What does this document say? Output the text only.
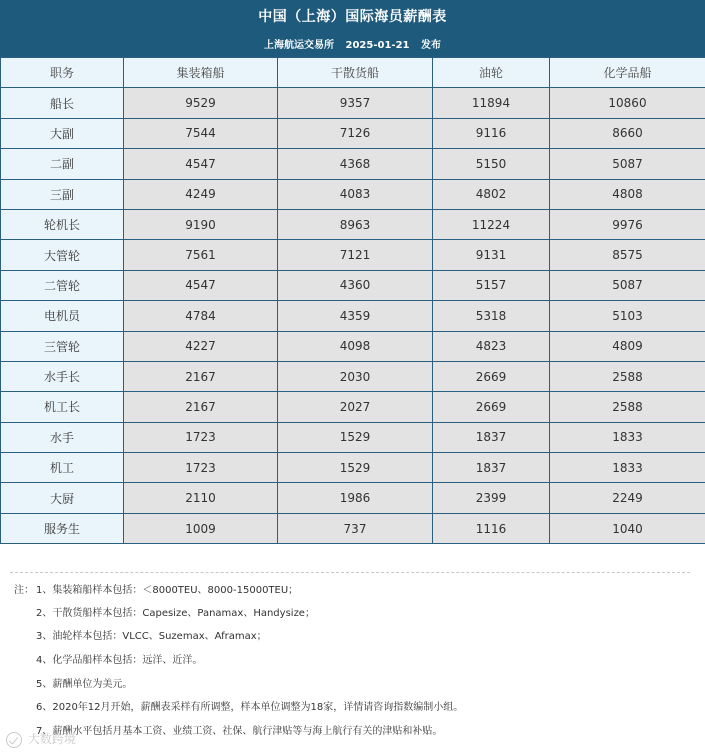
中国（上海）国际海员薪酬表
上海航运交易所 2025-01-21 发布
职务	集装箱船	干散货船	油轮	化学品船
船长	9529	9357	11894	10860
大副	7544	7126	9116	8660
二副	4547	4368	5150	5087
三副	4249	4083	4802	4808
轮机长	9190	8963	11224	9976
大管轮	7561	7121	9131	8575
二管轮	4547	4360	5157	5087
电机员	4784	4359	5318	5103
三管轮	4227	4098	4823	4809
水手长	2167	2030	2669	2588
机工长	2167	2027	2669	2588
水手	1723	1529	1837	1833
机工	1723	1529	1837	1833
大厨	2110	1986	2399	2249
服务生	1009	737	1116	1040
注： 1、集装箱船样本包括：＜8000TEU、8000-15000TEU；
2、干散货船样本包括：Capesize、Panamax、Handysize；
3、油轮样本包括：VLCC、Suzemax、Aframax；
4、化学品船样本包括：远洋、近洋。
5、薪酬单位为美元。
6、2020年12月开始，薪酬表采样有所调整，样本单位调整为18家，详情请咨询指数编制小组。
7、薪酬水平包括月基本工资、业绩工资、社保、航行津贴等与海上航行有关的津贴和补贴。
大数跨境
